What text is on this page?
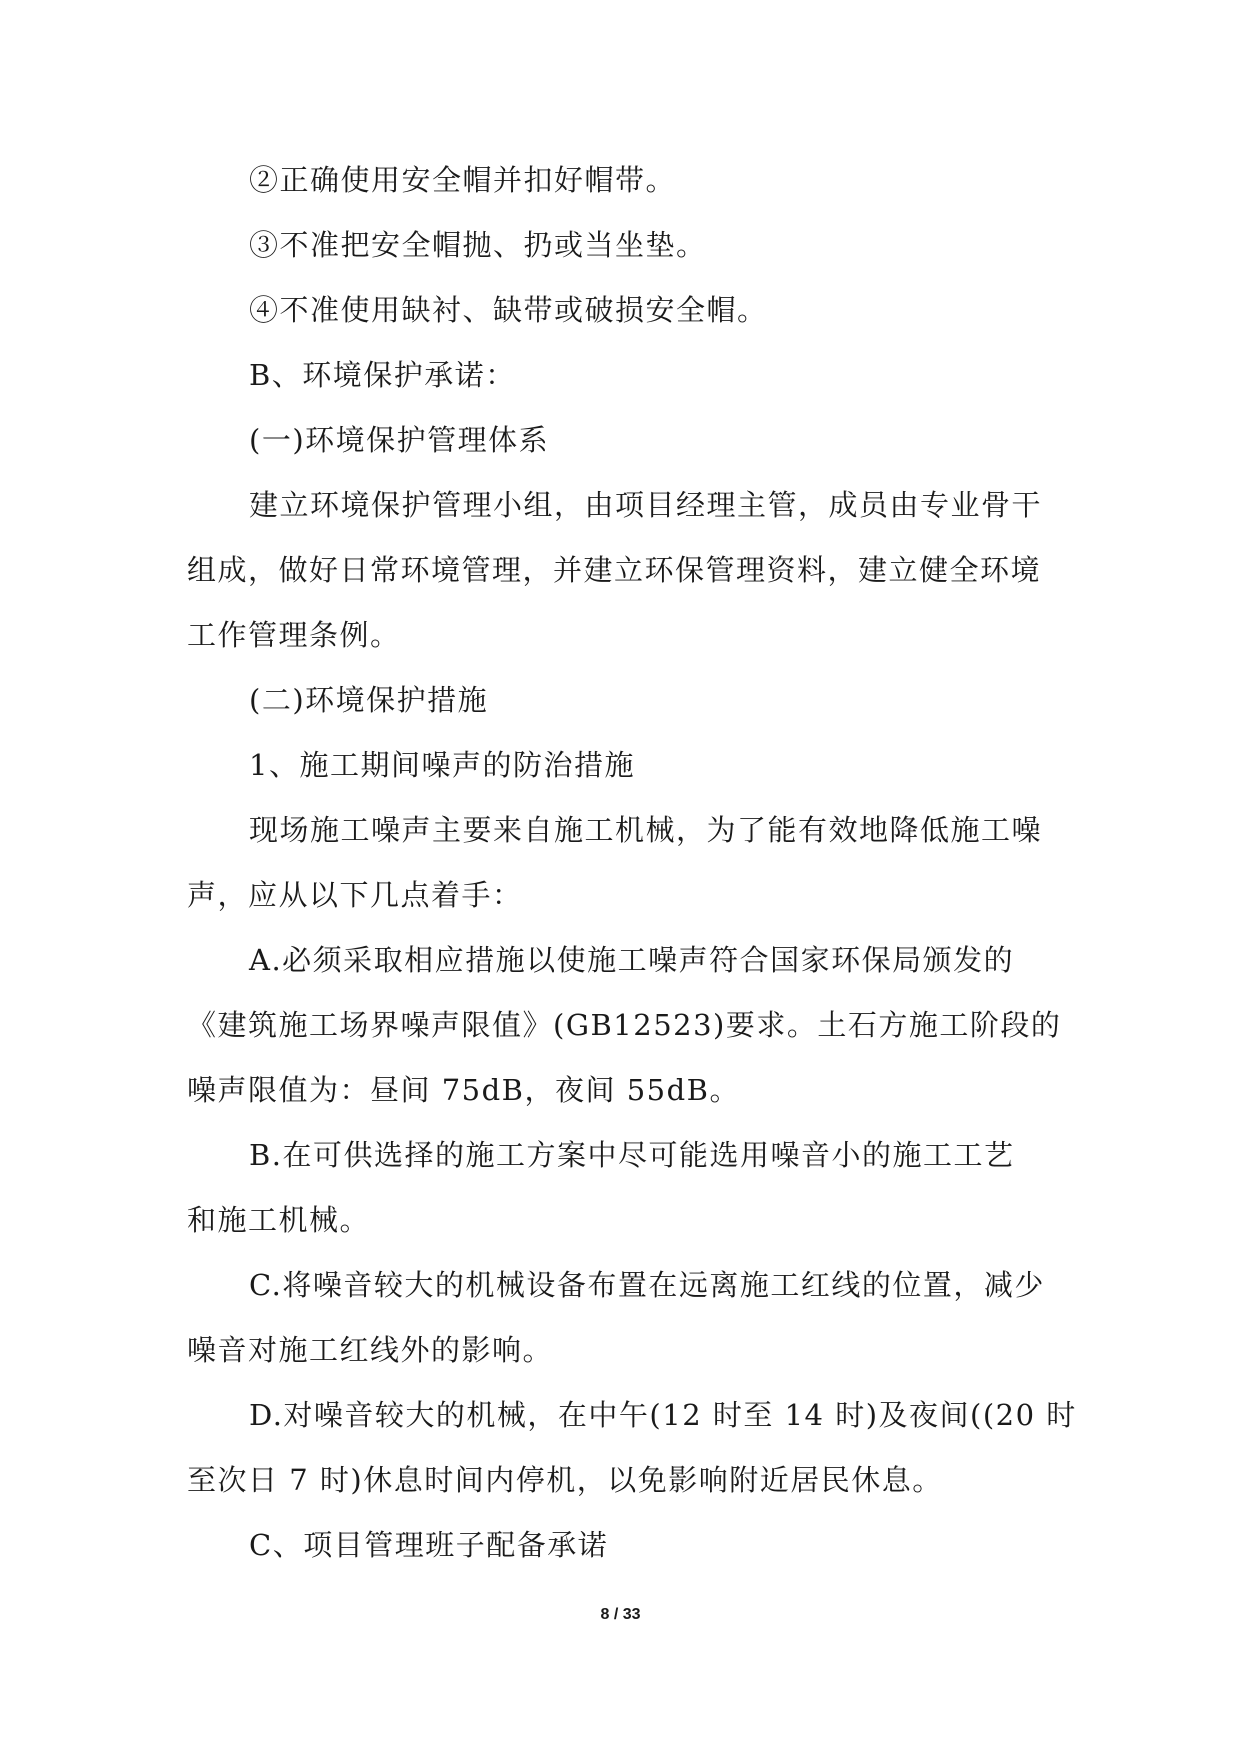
②正确使用安全帽并扣好帽带。

③不准把安全帽抛、扔或当坐垫。

④不准使用缺衬、缺带或破损安全帽。

B、环境保护承诺：

(一)环境保护管理体系

建立环境保护管理小组，由项目经理主管，成员由专业骨干
组成，做好日常环境管理，并建立环保管理资料，建立健全环境
工作管理条例。

(二)环境保护措施

1、施工期间噪声的防治措施

现场施工噪声主要来自施工机械，为了能有效地降低施工噪
声，应从以下几点着手：

A.必须采取相应措施以使施工噪声符合国家环保局颁发的
《建筑施工场界噪声限值》(GB12523)要求。土石方施工阶段的
噪声限值为：昼间 75dB，夜间 55dB。

B.在可供选择的施工方案中尽可能选用噪音小的施工工艺
和施工机械。

C.将噪音较大的机械设备布置在远离施工红线的位置，减少
噪音对施工红线外的影响。

D.对噪音较大的机械，在中午(12 时至 14 时)及夜间((20 时
至次日 7 时)休息时间内停机，以免影响附近居民休息。

C、项目管理班子配备承诺

8 / 33
